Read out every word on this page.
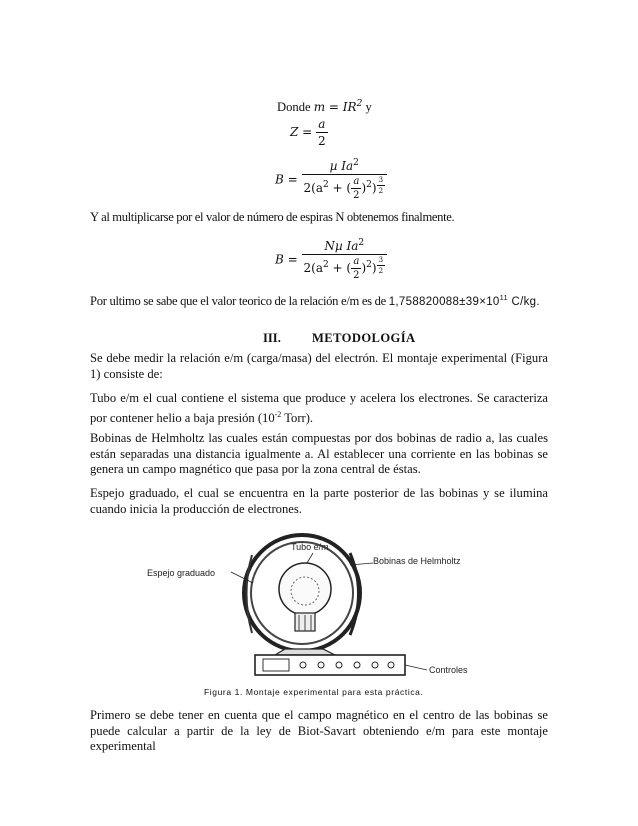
Donde $m = IR^2$ y
$Z = \frac{a}{2}$
B = µ Ia$^2$
$2(a^2$ + ( $\frac{a}{2} )^2$) $^{\frac{3}{2}}$
Y al multiplicarse por el valor de número de espiras N obtenemos finalmente.
B = Nµ Ia$^2$
$2(a^2$ + ( $\frac{a}{2} )^2$) $^{\frac{3}{2}}$
Por ultimo se sabe que el valor teorico de la relación e/m es de $1,758820088\pm 39\times 10^{11}$ C/kg.
III. METODOLOGÍA
Se debe medir la relación e/m (carga/masa) del electrón. El montaje experimental (Figura 1) consiste de:
Tubo e/m el cual contiene el sistema que produce y acelera los electrones. Se caracteriza por contener helio a baja presión ($10^{-2}$ Torr).
Bobinas de Helmholtz las cuales están compuestas por dos bobinas de radio a, las cuales están separadas una distancia igualmente a. Al establecer una corriente en las bobinas se genera un campo magnético que pasa por la zona central de éstas.
Espejo graduado, el cual se encuentra en la parte posterior de las bobinas y se ilumina cuando inicia la producción de electrones.
Tubo e/m
Bobinas de Helmholtz
Espejo graduado
Controles
Figura 1. Montaje experimental para esta práctica.
Primero se debe tener en cuenta que el campo magnético en el centro de las bobinas se puede calcular a partir de la ley de Biot-Savart obteniendo e/m para este montaje experimental
